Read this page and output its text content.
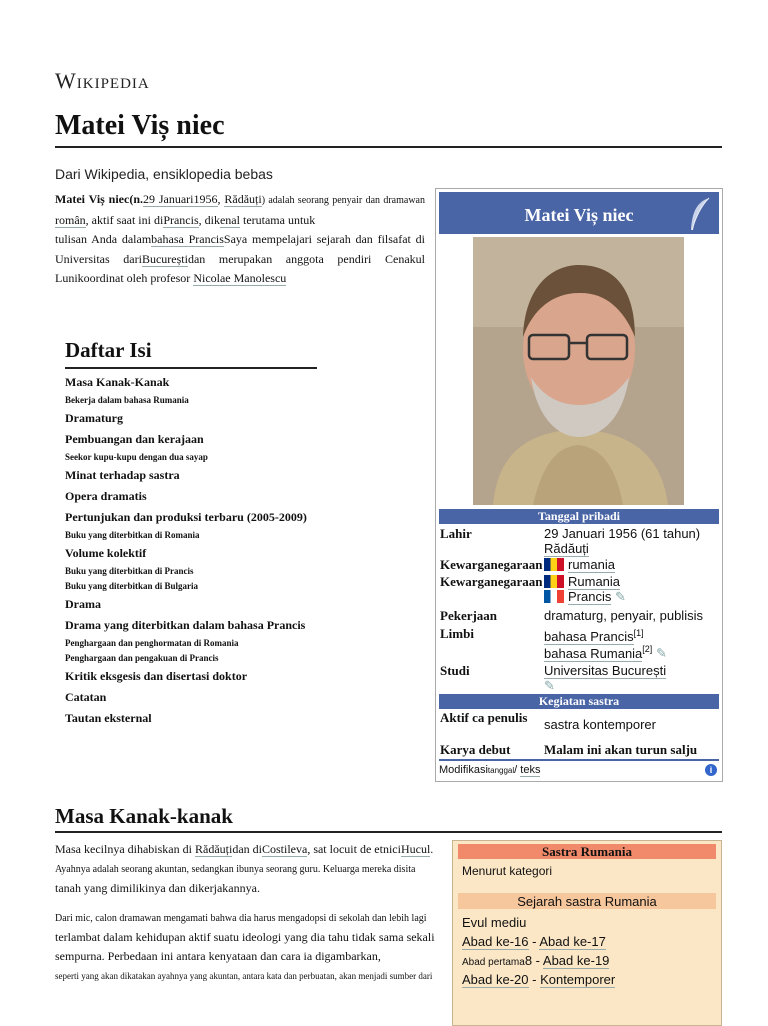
Wikipedia
Matei Viș niec
Dari Wikipedia, ensiklopedia bebas
Matei Viș niec(n.29 Januari1956, Rădăuți) adalah seorang penyair dan dramawan român, aktif saat ini diPrancis, dikenal terutama untuk
tulisan Anda dalambahasa PrancisSaya mempelajari sejarah dan filsafat di Universitas dariBucureștidan merupakan anggota pendiri Cenakul Lunikoordinat oleh profesor Nicolae Manolescu
Daftar Isi
Masa Kanak-Kanak
Bekerja dalam bahasa Rumania
Dramaturg
Pembuangan dan kerajaan
Seekor kupu-kupu dengan dua sayap
Minat terhadap sastra
Opera dramatis
Pertunjukan dan produksi terbaru (2005-2009)
Buku yang diterbitkan di Romania
Volume kolektif
Buku yang diterbitkan di Prancis
Buku yang diterbitkan di Bulgaria
Drama
Drama yang diterbitkan dalam bahasa Prancis
Penghargaan dan penghormatan di Romania
Penghargaan dan pengakuan di Prancis
Kritik eksgesis dan disertasi doktor
Catatan
Tautan eksternal
Matei Viș niec
Tanggal pribadi
Lahir	29 Januari 1956 (61 tahun)
Rădăuți
Kewarganegaraan	rumania
Kewarganegaraan	Rumania
Prancis ✎
Pekerjaan	dramaturg, penyair, publisis
Limbi	bahasa Prancis[1]
bahasa Rumania[2] ✎
Studi	Universitas București
✎
Kegiatan sastra
Aktif ca penulis	sastra kontemporer
Karya debut	Malam ini akan turun salju
Modifikasitanggal/ teks	i
Masa Kanak-kanak
Masa kecilnya dihabiskan di Rădăuțidan diCostileva, sat locuit de etniciHucul.
Ayahnya adalah seorang akuntan, sedangkan ibunya seorang guru. Keluarga mereka disita
tanah yang dimilikinya dan dikerjakannya.
Dari mic, calon dramawan mengamati bahwa dia harus mengadopsi di sekolah dan lebih lagi
terlambat dalam kehidupan aktif suatu ideologi yang dia tahu tidak sama sekali
sempurna. Perbedaan ini antara kenyataan dan cara ia digambarkan,
seperti yang akan dikatakan ayahnya yang akuntan, antara kata dan perbuatan, akan menjadi sumber dari
Sastra Rumania
Menurut kategori
Sejarah sastra Rumania
Evul mediu
Abad ke-16 - Abad ke-17
Abad pertama8 - Abad ke-19
Abad ke-20 - Kontemporer
